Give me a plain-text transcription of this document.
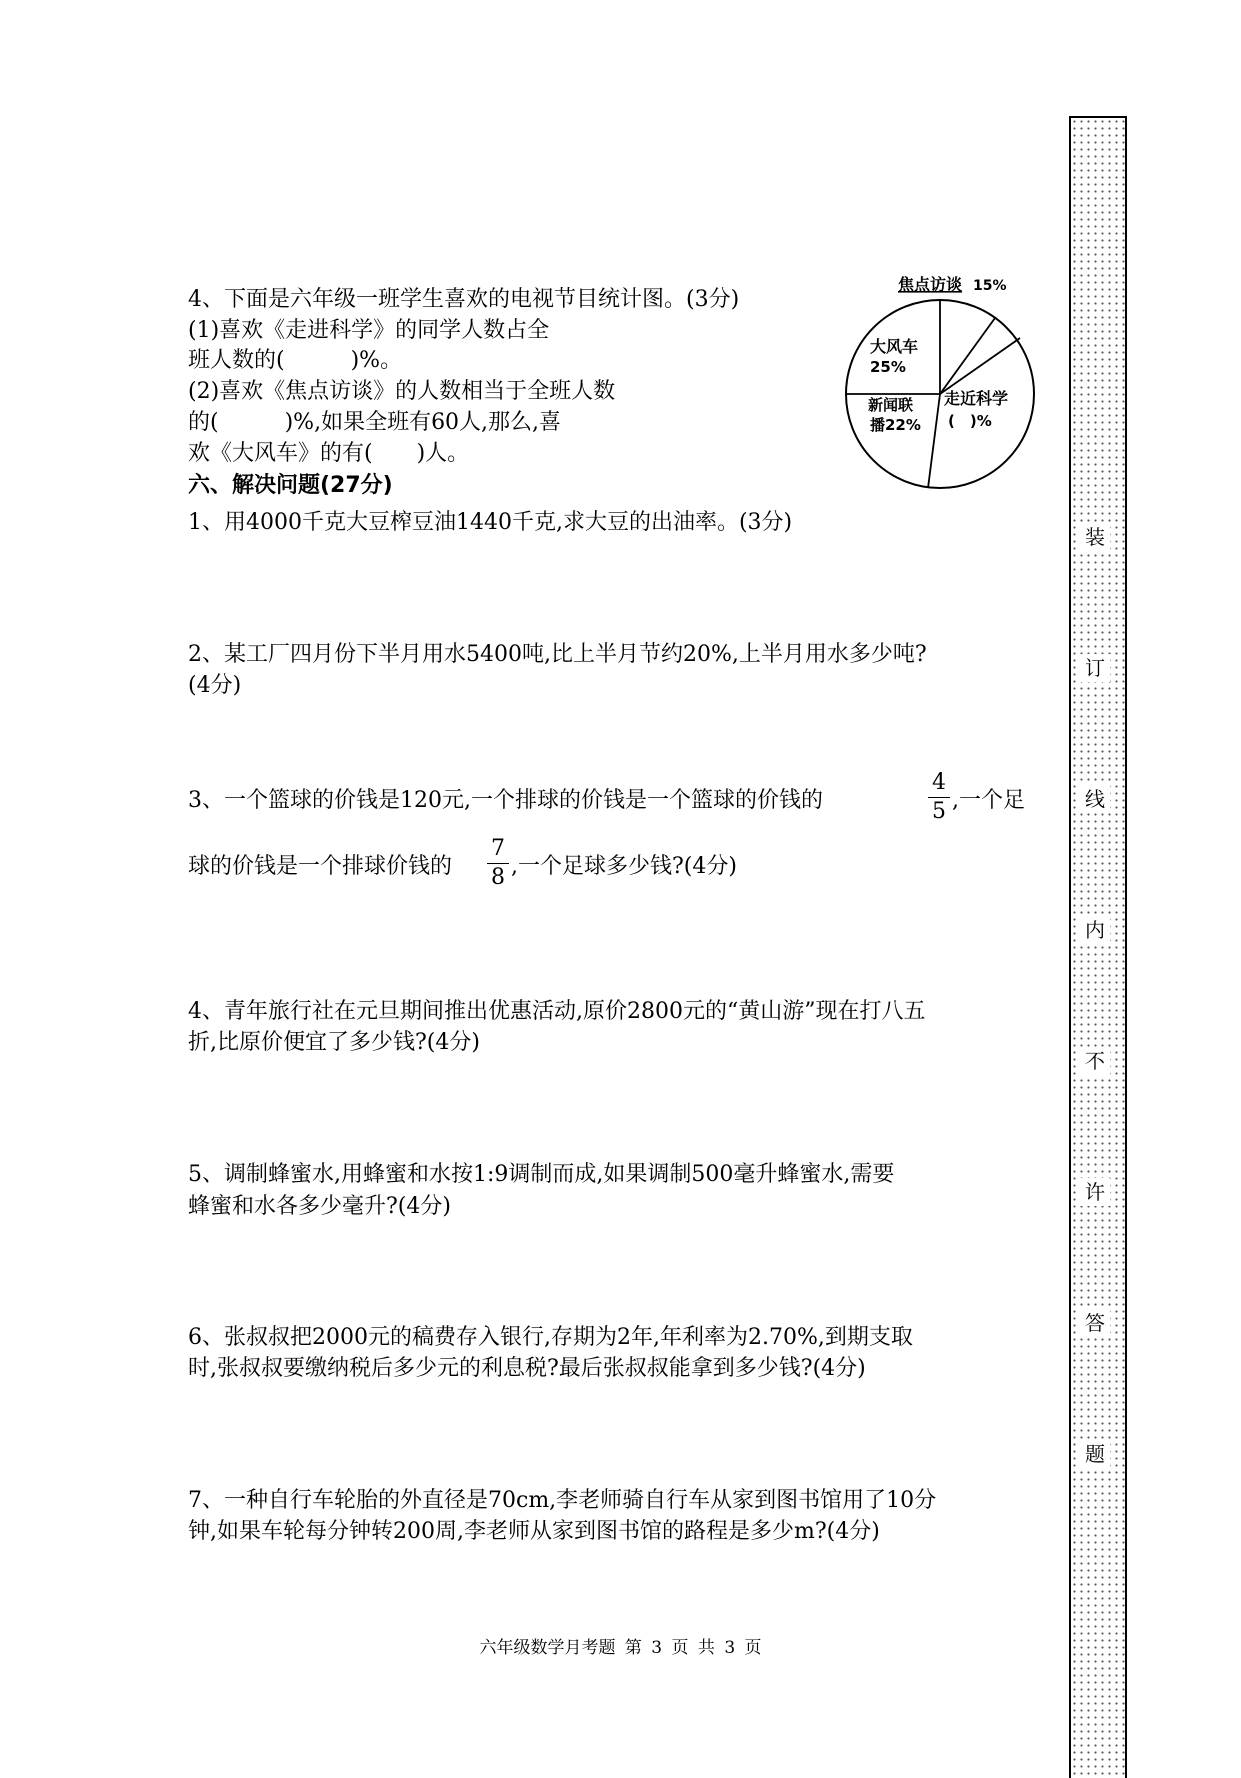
4、下面是六年级一班学生喜欢的电视节目统计图。(3分)
(1)喜欢《走进科学》的同学人数占全
班人数的(　　　)%。
(2)喜欢《焦点访谈》的人数相当于全班人数
的(　　　)%,如果全班有60人,那么,喜
欢《大风车》的有(　　)人。
焦点访谈 15%
走近科学
(　)%
新闻联
播22%
大风车
25%
六、解决问题(27分)
1、用4000千克大豆榨豆油1440千克,求大豆的出油率。(3分)
2、某工厂四月份下半月用水5400吨,比上半月节约20%,上半月用水多少吨?
(4分)
3、一个篮球的价钱是120元,一个排球的价钱是一个篮球的价钱的
4
5 ,一个足
球的价钱是一个排球价钱的
7
8 ,一个足球多少钱?(4分)
4、青年旅行社在元旦期间推出优惠活动,原价2800元的“黄山游”现在打八五
折,比原价便宜了多少钱?(4分)
5、调制蜂蜜水,用蜂蜜和水按1:9调制而成,如果调制500毫升蜂蜜水,需要
蜂蜜和水各多少毫升?(4分)
6、张叔叔把2000元的稿费存入银行,存期为2年,年利率为2.70%,到期支取
时,张叔叔要缴纳税后多少元的利息税?最后张叔叔能拿到多少钱?(4分)
7、一种自行车轮胎的外直径是70cm,李老师骑自行车从家到图书馆用了10分
钟,如果车轮每分钟转200周,李老师从家到图书馆的路程是多少m?(4分)
装
订
线
内
不
许
答
题
六年级数学月考题 第 3 页 共 3 页
